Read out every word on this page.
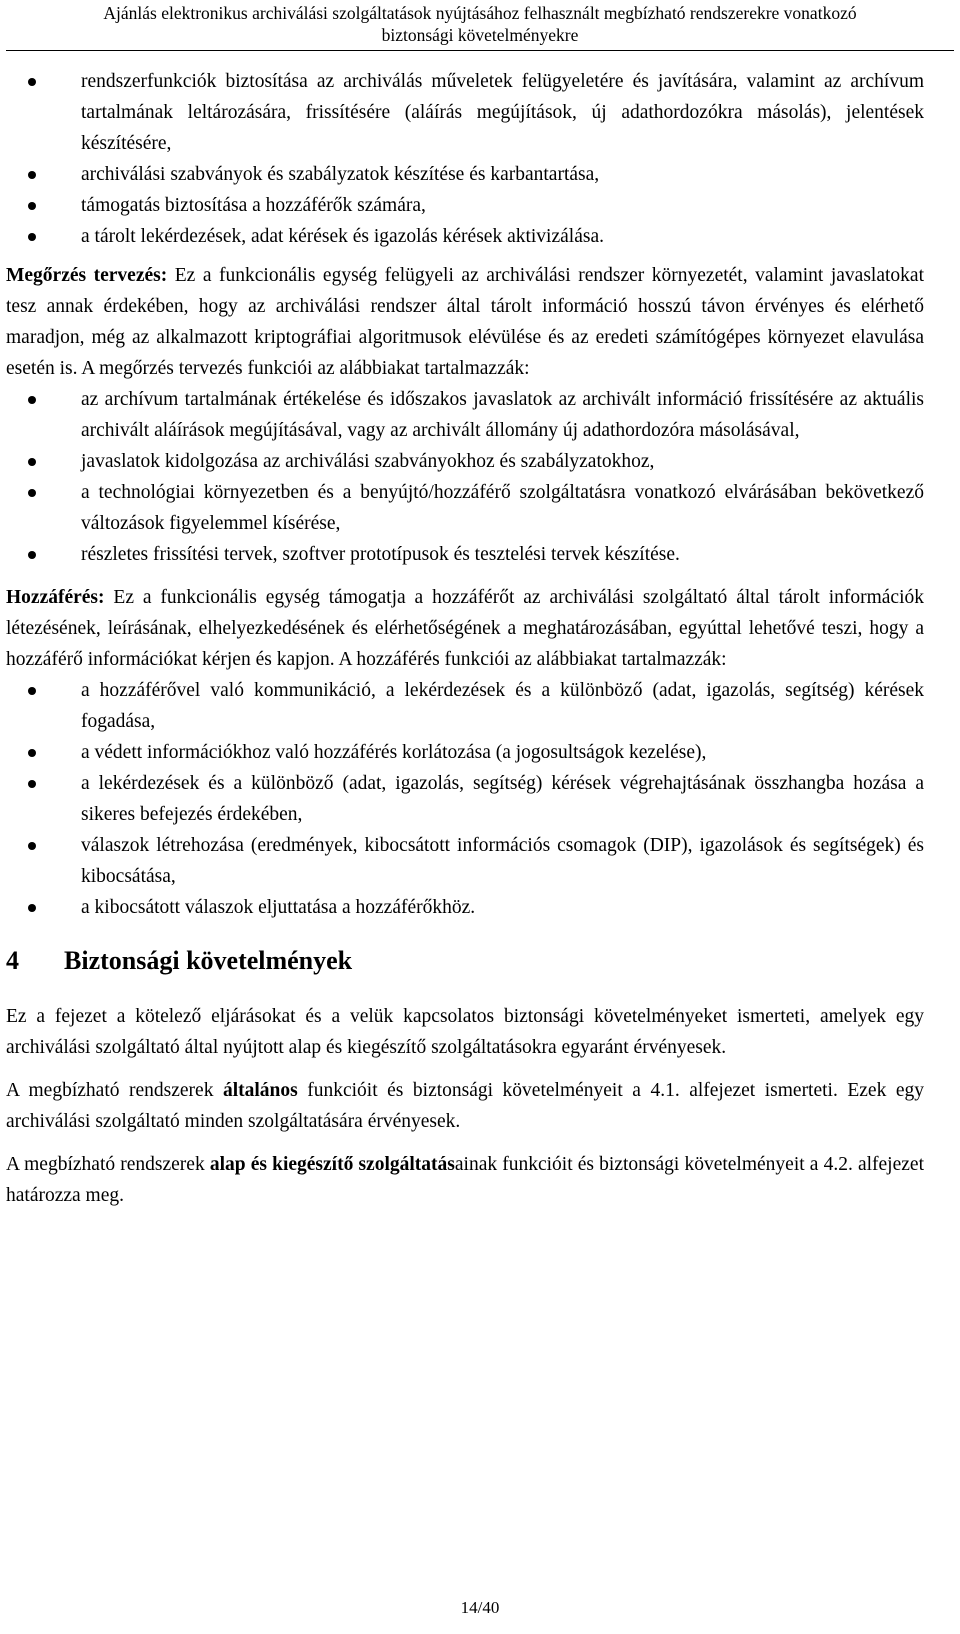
Ajánlás elektronikus archiválási szolgáltatások nyújtásához felhasznált megbízható rendszerekre vonatkozó
biztonsági követelményekre
rendszerfunkciók biztosítása az archiválás műveletek felügyeletére és javítására, valamint az archívum tartalmának leltározására, frissítésére (aláírás megújítások, új adathordozókra másolás), jelentések készítésére,
archiválási szabványok és szabályzatok készítése és karbantartása,
támogatás biztosítása a hozzáférők számára,
a tárolt lekérdezések, adat kérések és igazolás kérések aktivizálása.

Megőrzés tervezés: Ez a funkcionális egység felügyeli az archiválási rendszer környezetét, valamint javaslatokat tesz annak érdekében, hogy az archiválási rendszer által tárolt információ hosszú távon érvényes és elérhető maradjon, még az alkalmazott kriptográfiai algoritmusok elévülése és az eredeti számítógépes környezet elavulása esetén is. A megőrzés tervezés funkciói az alábbiakat tartalmazzák:

az archívum tartalmának értékelése és időszakos javaslatok az archivált információ frissítésére az aktuális archivált aláírások megújításával, vagy az archivált állomány új adathordozóra másolásával,
javaslatok kidolgozása az archiválási szabványokhoz és szabályzatokhoz,
a technológiai környezetben és a benyújtó/hozzáférő szolgáltatásra vonatkozó elvárásában bekövetkező változások figyelemmel kísérése,
részletes frissítési tervek, szoftver prototípusok és tesztelési tervek készítése.

Hozzáférés: Ez a funkcionális egység támogatja a hozzáférőt az archiválási szolgáltató által tárolt információk létezésének, leírásának, elhelyezkedésének és elérhetőségének a meghatározásában, egyúttal lehetővé teszi, hogy a hozzáférő információkat kérjen és kapjon. A hozzáférés funkciói az alábbiakat tartalmazzák:

a hozzáférővel való kommunikáció, a lekérdezések és a különböző (adat, igazolás, segítség) kérések fogadása,
a védett információkhoz való hozzáférés korlátozása (a jogosultságok kezelése),
a lekérdezések és a különböző (adat, igazolás, segítség) kérések végrehajtásának összhangba hozása a sikeres befejezés érdekében,
válaszok létrehozása (eredmények, kibocsátott információs csomagok (DIP), igazolások és segítségek) és kibocsátása,
a kibocsátott válaszok eljuttatása a hozzáférőkhöz.
4 Biztonsági követelmények

Ez a fejezet a kötelező eljárásokat és a velük kapcsolatos biztonsági követelményeket ismerteti, amelyek egy archiválási szolgáltató által nyújtott alap és kiegészítő szolgáltatásokra egyaránt érvényesek.

A megbízható rendszerek általános funkcióit és biztonsági követelményeit a 4.1. alfejezet ismerteti. Ezek egy archiválási szolgáltató minden szolgáltatására érvényesek.

A megbízható rendszerek alap és kiegészítő szolgáltatásainak funkcióit és biztonsági követelményeit a 4.2. alfejezet határozza meg.

14/40
